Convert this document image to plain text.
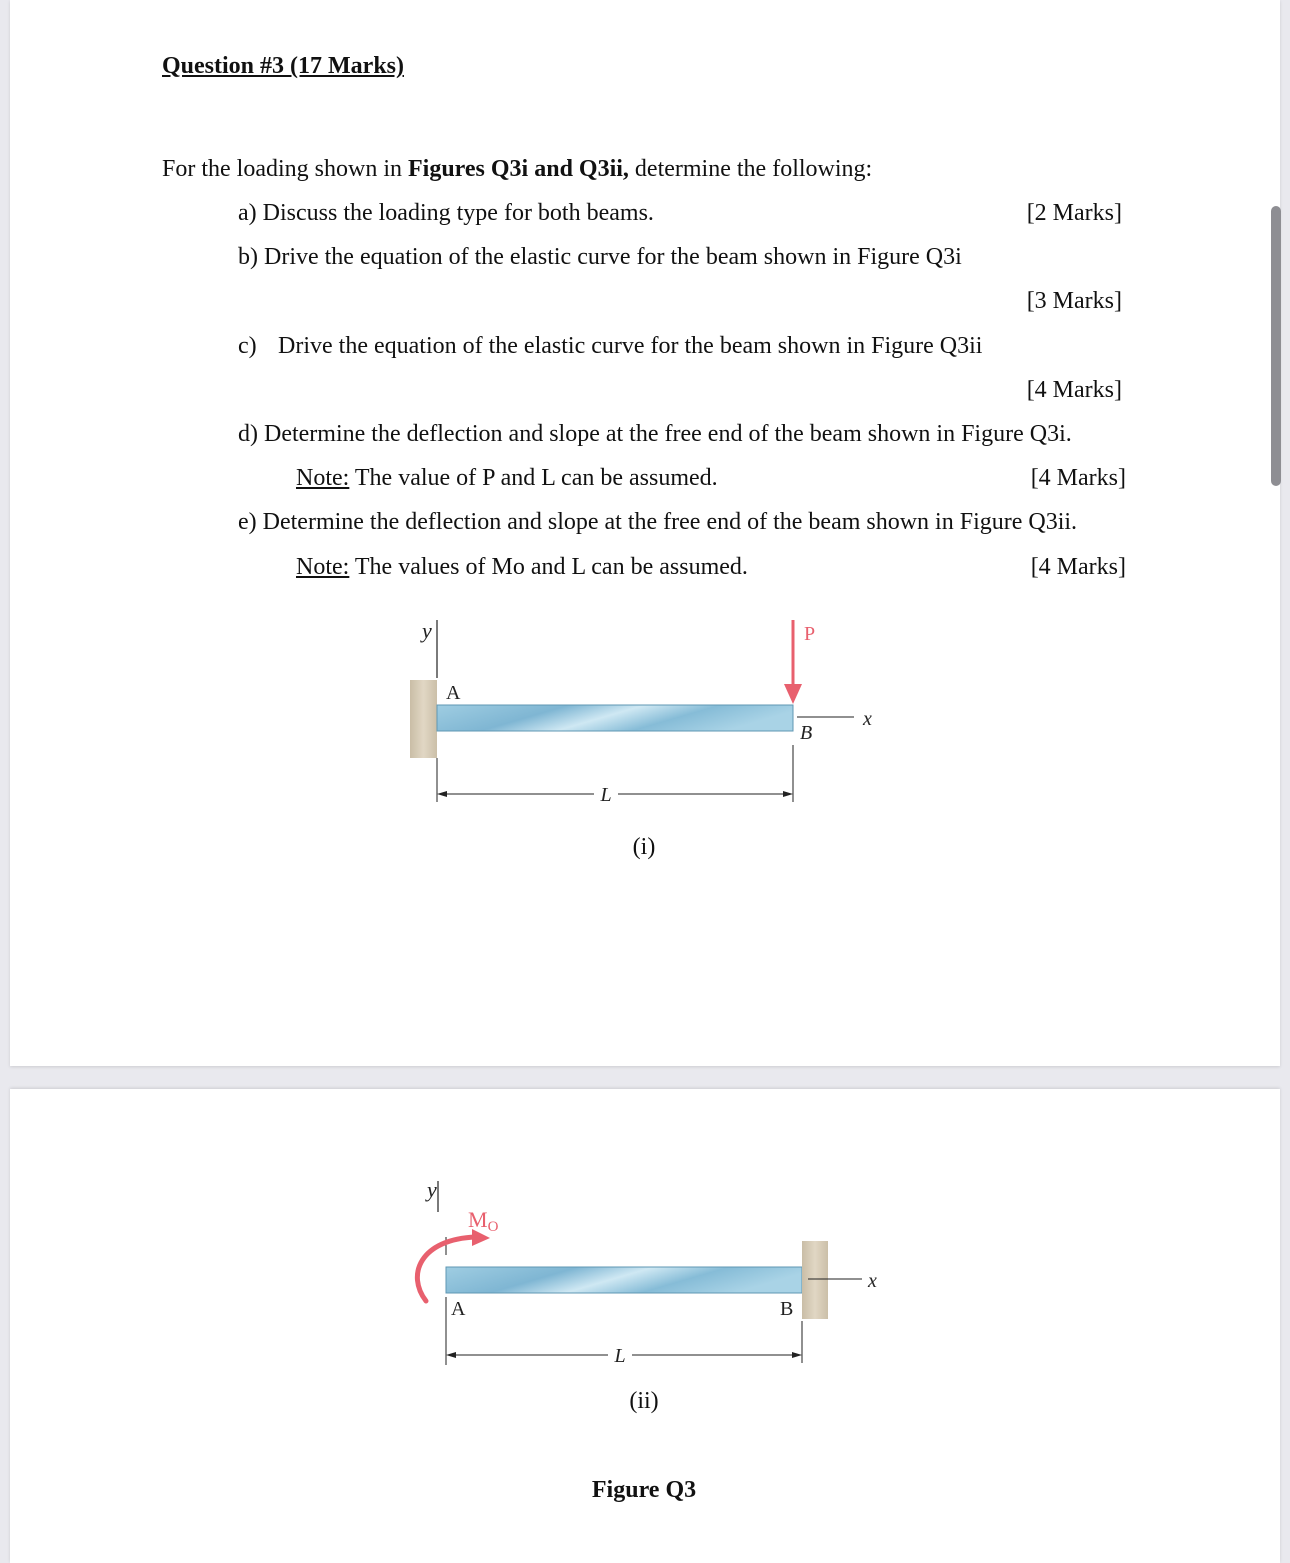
Question #3 (17 Marks)
For the loading shown in Figures Q3i and Q3ii, determine the following:
a) Discuss the loading type for both beams.	[2 Marks]
b) Drive the equation of the elastic curve for the beam shown in Figure Q3i
[3 Marks]
c) Drive the equation of the elastic curve for the beam shown in Figure Q3ii
[4 Marks]
d) Determine the deflection and slope at the free end of the beam shown in Figure Q3i.
Note: The value of P and L can be assumed.	[4 Marks]
e) Determine the deflection and slope at the free end of the beam shown in Figure Q3ii.
Note: The values of Mo and L can be assumed.	[4 Marks]
y
A
P
x
B
L
(i)
y
MO
A	B
x
L
(ii)
Figure Q3
